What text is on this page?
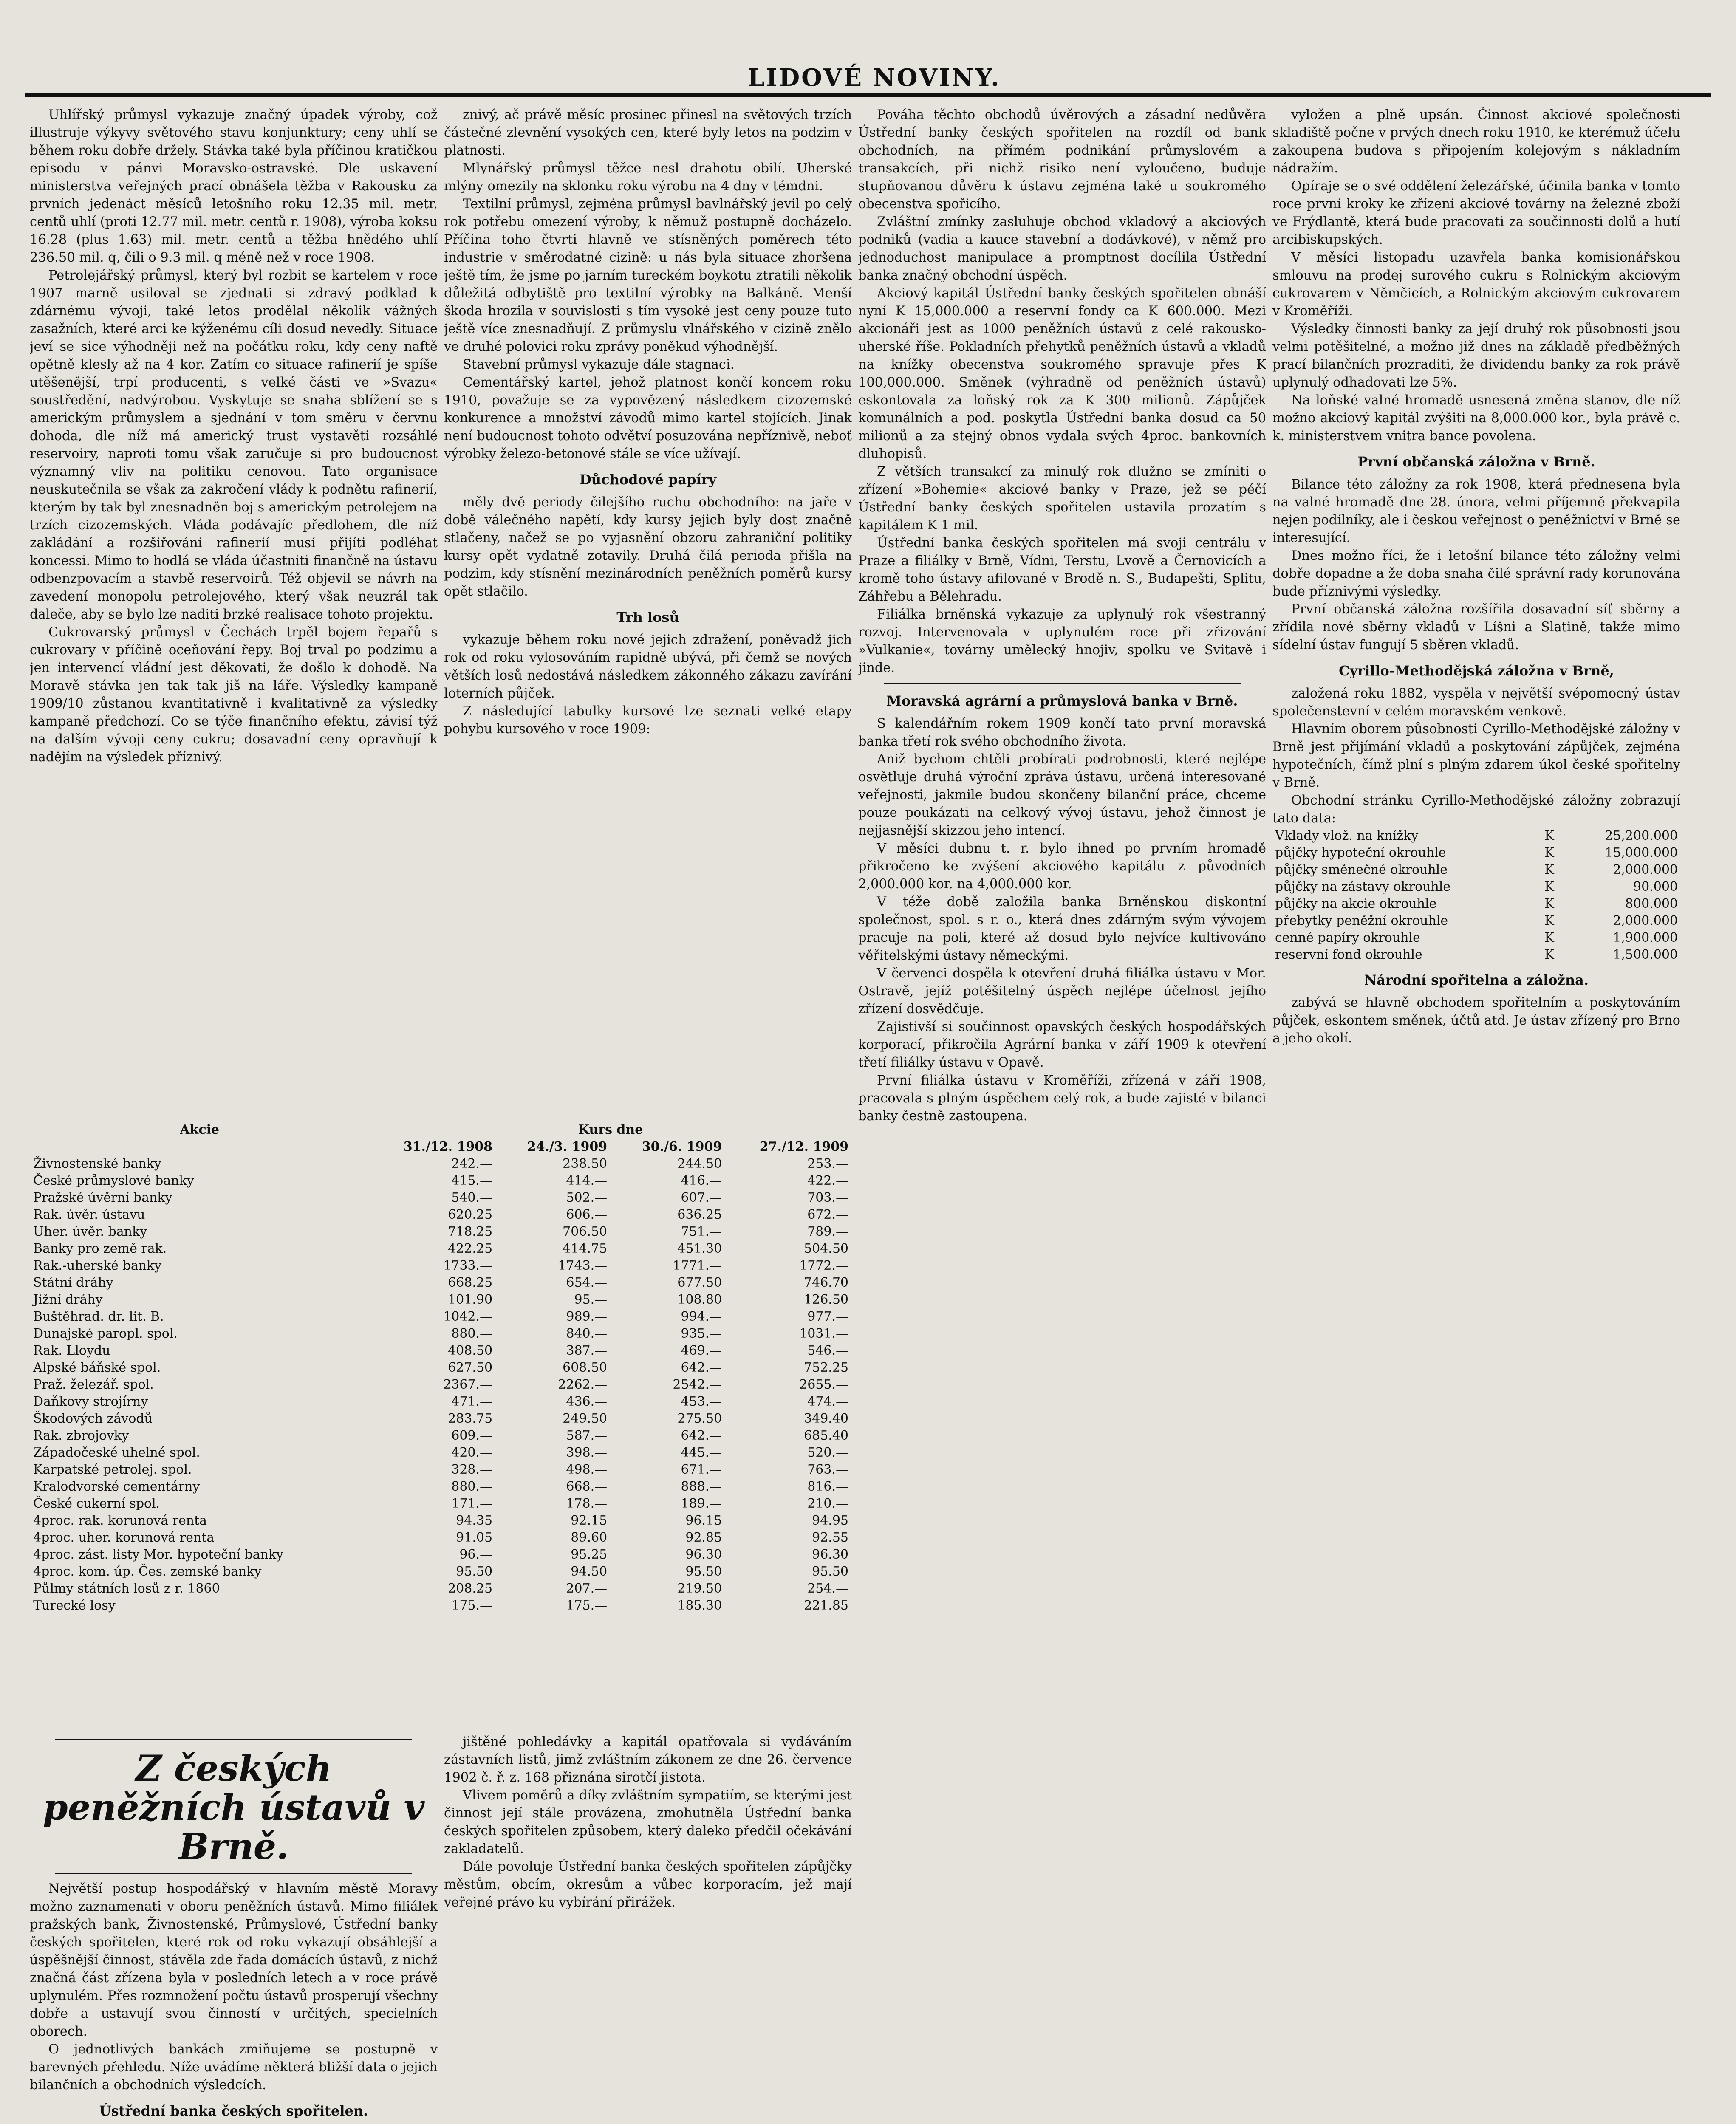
LIDOVÉ NOVINY.

Uhlířský průmysl vykazuje značný úpadek výroby, což illustruje výkyvy světového stavu konjunktury; ceny uhlí se během roku dobře držely. Stávka také byla příčinou kratičkou episodu v pánvi Moravsko-ostravské. Dle uskavení ministerstva veřejných prací obnášela těžba v Rakousku za prvních jedenáct měsíců letošního roku 12.35 mil. metr. centů uhlí (proti 12.77 mil. metr. centů r. 1908), výroba koksu 16.28 (plus 1.63) mil. metr. centů a těžba hnědého uhlí 236.50 mil. q, čili o 9.3 mil. q méně než v roce 1908.

Petrolejářský průmysl, který byl rozbit se kartelem v roce 1907 marně usiloval se zjednati si zdravý podklad k zdárnému vývoji, také letos prodělal několik vážných zasažních, které arci ke kýženému cíli dosud nevedly. Situace jeví se sice výhodněji než na počátku roku, kdy ceny naftě opětně klesly až na 4 kor. Zatím co situace rafinerií je spíše utěšenější, trpí producenti, s velké části ve »Svazu« soustředění, nadvýrobou. Vyskytuje se snaha sblížení se s americkým průmyslem a sjednání v tom směru v červnu dohoda, dle níž má americký trust vystavěti rozsáhlé reservoiry, naproti tomu však zaručuje si pro budoucnost významný vliv na politiku cenovou. Tato organisace neuskutečnila se však za zakročení vlády k podnětu rafinerií, kterým by tak byl znesnadněn boj s americkým petrolejem na trzích cizozemských. Vláda podávajíc předlohem, dle níž zakládání a rozšiřování rafinerií musí přijíti podléhat koncessi. Mimo to hodlá se vláda účastniti finančně na ústavu odbenzpovacím a stavbě reservoirů. Též objevil se návrh na zavedení monopolu petrolejového, který však neuzrál tak daleče, aby se bylo lze naditi brzké realisace tohoto projektu.

Cukrovarský průmysl v Čechách trpěl bojem řepařů s cukrovary v příčině oceňování řepy. Boj trval po podzimu a jen intervencí vládní jest děkovati, že došlo k dohodě. Na Moravě stávka jen tak tak jiš na láře. Výsledky kampaně 1909/10 zůstanou kvantitativně i kvalitativně za výsledky kampaně předchozí. Co se týče finančního efektu, závisí týž na dalším vývoji ceny cukru; dosavadní ceny opravňují k nadějím na výsledek příznivý.

znivý, ač právě měsíc prosinec přinesl na světových trzích částečné zlevnění vysokých cen, které byly letos na podzim v platnosti.

Mlynářský průmysl těžce nesl drahotu obilí. Uherské mlýny omezily na sklonku roku výrobu na 4 dny v témdni.

Textilní průmysl, zejména průmysl bavlnářský jevil po celý rok potřebu omezení výroby, k němuž postupně docházelo. Příčina toho čtvrti hlavně ve stísněných poměrech této industrie v směrodatné cizině: u nás byla situace zhoršena ještě tím, že jsme po jarním tureckém boykotu ztratili několik důležitá odbytiště pro textilní výrobky na Balkáně. Menší škoda hrozila v souvislosti s tím vysoké jest ceny pouze tuto ještě více znesnadňují. Z průmyslu vlnářského v cizině znělo ve druhé polovici roku zprávy poněkud výhodnější.

Stavební průmysl vykazuje dále stagnaci.

Cementářský kartel, jehož platnost končí koncem roku 1910, považuje se za vypovězený následkem cizozemské konkurence a množství závodů mimo kartel stojících. Jinak není budoucnost tohoto odvětví posuzována nepříznivě, neboť výrobky železo-betonové stále se více užívají.

Důchodové papíry

měly dvě periody čilejšího ruchu obchodního: na jaře v době válečného napětí, kdy kursy jejich byly dost značně stlačeny, načež se po vyjasnění obzoru zahraniční politiky kursy opět vydatně zotavily. Druhá čilá perioda přišla na podzim, kdy stísnění mezinárodních peněžních poměrů kursy opět stlačilo.

Trh losů

vykazuje během roku nové jejich zdražení, poněvadž jich rok od roku vylosováním rapidně ubývá, při čemž se nových větších losů nedostává následkem zákonného zákazu zavírání loterních půjček.

Z následující tabulky kursové lze seznati velké etapy pohybu kursového v roce 1909:

Akcie	Kurs dne			
	31./12. 1908	24./3. 1909	30./6. 1909	27./12. 1909
Živnostenské banky	242.—	238.50	244.50	253.—
České průmyslové banky	415.—	414.—	416.—	422.—
Pražské úvěrní banky	540.—	502.—	607.—	703.—
Rak. úvěr. ústavu	620.25	606.—	636.25	672.—
Uher. úvěr. banky	718.25	706.50	751.—	789.—
Banky pro země rak.	422.25	414.75	451.30	504.50
Rak.-uherské banky	1733.—	1743.—	1771.—	1772.—
Státní dráhy	668.25	654.—	677.50	746.70
Jižní dráhy	101.90	95.—	108.80	126.50
Buštěhrad. dr. lit. B.	1042.—	989.—	994.—	977.—
Dunajské paropl. spol.	880.—	840.—	935.—	1031.—
Rak. Lloydu	408.50	387.—	469.—	546.—
Alpské báňské spol.	627.50	608.50	642.—	752.25
Praž. železář. spol.	2367.—	2262.—	2542.—	2655.—
Daňkovy strojírny	471.—	436.—	453.—	474.—
Škodových závodů	283.75	249.50	275.50	349.40
Rak. zbrojovky	609.—	587.—	642.—	685.40
Západočeské uhelné spol.	420.—	398.—	445.—	520.—
Karpatské petrolej. spol.	328.—	498.—	671.—	763.—
Kralodvorské cementárny	880.—	668.—	888.—	816.—
České cukerní spol.	171.—	178.—	189.—	210.—
4proc. rak. korunová renta	94.35	92.15	96.15	94.95
4proc. uher. korunová renta	91.05	89.60	92.85	92.55
4proc. zást. listy Mor. hypoteční banky	96.—	95.25	96.30	96.30
4proc. kom. úp. Čes. zemské banky	95.50	94.50	95.50	95.50
Půlmy státních losů z r. 1860	208.25	207.—	219.50	254.—
Turecké losy	175.—	175.—	185.30	221.85
Z českých peněžních ústavů v Brně.

Největší postup hospodářský v hlavním městě Moravy možno zaznamenati v oboru peněžních ústavů. Mimo filiálek pražských bank, Živnostenské, Průmyslové, Ústřední banky českých spořitelen, které rok od roku vykazují obsáhlejší a úspěšnější činnost, stávěla zde řada domácích ústavů, z nichž značná část zřízena byla v posledních letech a v roce právě uplynulém. Přes rozmnožení počtu ústavů prosperují všechny dobře a ustavují svou činností v určitých, specielních oborech.

O jednotlivých bankách zmiňujeme se postupně v barevných přehledu. Níže uvádíme některá bližší data o jejich bilančních a obchodních výsledcích.

Ústřední banka českých spořitelen.

jištěné pohledávky a kapitál opatřovala si vydáváním zástavních listů, jimž zvláštním zákonem ze dne 26. července 1902 č. ř. z. 168 přiznána sirotčí jistota.

Vlivem poměrů a díky zvláštním sympatiím, se kterými jest činnost její stále provázena, zmohutněla Ústřední banka českých spořitelen způsobem, který daleko předčil očekávání zakladatelů.

Dále povoluje Ústřední banka českých spořitelen zápůjčky městům, obcím, okresům a vůbec korporacím, jež mají veřejné právo ku vybírání přirážek.

Pováha těchto obchodů úvěrových a zásadní nedůvěra Ústřední banky českých spořitelen na rozdíl od bank obchodních, na přímém podnikání průmyslovém a transakcích, při nichž risiko není vyloučeno, buduje stupňovanou důvěru k ústavu zejména také u soukromého obecenstva spořicího.

Zvláštní zmínky zasluhuje obchod vkladový a akciových podniků (vadia a kauce stavební a dodávkové), v němž pro jednoduchost manipulace a promptnost docílila Ústřední banka značný obchodní úspěch.

Akciový kapitál Ústřední banky českých spořitelen obnáší nyní K 15,000.000 a reservní fondy ca K 600.000. Mezi akcionáři jest as 1000 peněžních ústavů z celé rakousko-uherské říše. Pokladních přehytků peněžních ústavů a vkladů na knížky obecenstva soukromého spravuje přes K 100,000.000. Směnek (výhradně od peněžních ústavů) eskontovala za loňský rok za K 300 milionů. Zápůjček komunálních a pod. poskytla Ústřední banka dosud ca 50 milionů a za stejný obnos vydala svých 4proc. bankovních dluhopisů.

Z větších transakcí za minulý rok dlužno se zmíniti o zřízení »Bohemie« akciové banky v Praze, jež se péčí Ústřední banky českých spořitelen ustavila prozatím s kapitálem K 1 mil.

Ústřední banka českých spořitelen má svoji centrálu v Praze a filiálky v Brně, Vídni, Terstu, Lvově a Černovicích a kromě toho ústavy afilované v Brodě n. S., Budapešti, Splitu, Záhřebu a Bělehradu.

Filiálka brněnská vykazuje za uplynulý rok všestranný rozvoj. Intervenovala v uplynulém roce při zřizování »Vulkanie«, továrny umělecký hnojiv, spolku ve Svitavě i jinde.

Moravská agrární a průmyslová banka v Brně.

S kalendářním rokem 1909 končí tato první moravská banka třetí rok svého obchodního života.

Aniž bychom chtěli probírati podrobnosti, které nejlépe osvětluje druhá výroční zpráva ústavu, určená interesované veřejnosti, jakmile budou skončeny bilanční práce, chceme pouze poukázati na celkový vývoj ústavu, jehož činnost je nejjasnější skizzou jeho intencí.

V měsíci dubnu t. r. bylo ihned po prvním hromadě přikročeno ke zvýšení akciového kapitálu z původních 2,000.000 kor. na 4,000.000 kor.

V téže době založila banka Brněnskou diskontní společnost, spol. s r. o., která dnes zdárným svým vývojem pracuje na poli, které až dosud bylo nejvíce kultivováno věřitelskými ústavy německými.

V červenci dospěla k otevření druhá filiálka ústavu v Mor. Ostravě, jejíž potěšitelný úspěch nejlépe účelnost jejího zřízení dosvědčuje.

Zajistivší si součinnost opavských českých hospodářských korporací, přikročila Agrární banka v září 1909 k otevření třetí filiálky ústavu v Opavě.

První filiálka ústavu v Kroměříži, zřízená v září 1908, pracovala s plným úspěchem celý rok, a bude zajisté v bilanci banky čestně zastoupena.

vyložen a plně upsán. Činnost akciové společnosti skladiště počne v prvých dnech roku 1910, ke kterémuž účelu zakoupena budova s připojením kolejovým s nákladním nádražím.

Opíraje se o své oddělení železářské, účinila banka v tomto roce první kroky ke zřízení akciové továrny na železné zboží ve Frýdlantě, která bude pracovati za součinnosti dolů a hutí arcibiskupských.

V měsíci listopadu uzavřela banka komisionářskou smlouvu na prodej surového cukru s Rolnickým akciovým cukrovarem v Němčicích, a Rolnickým akciovým cukrovarem v Kroměříži.

Výsledky činnosti banky za její druhý rok působnosti jsou velmi potěšitelné, a možno již dnes na základě předběžných prací bilančních prozraditi, že dividendu banky za rok právě uplynulý odhadovati lze 5%.

Na loňské valné hromadě usnesená změna stanov, dle níž možno akciový kapitál zvýšiti na 8,000.000 kor., byla právě c. k. ministerstvem vnitra bance povolena.

První občanská záložna v Brně.

Bilance této záložny za rok 1908, která přednesena byla na valné hromadě dne 28. února, velmi příjemně překvapila nejen podílníky, ale i českou veřejnost o peněžnictví v Brně se interesující.

Dnes možno říci, že i letošní bilance této záložny velmi dobře dopadne a že doba snaha čilé správní rady korunována bude příznivými výsledky.

První občanská záložna rozšířila dosavadní síť sběrny a zřídila nové sběrny vkladů v Líšni a Slatině, takže mimo sídelní ústav fungují 5 sběren vkladů.

Cyrillo-Methodějská záložna v Brně,

založená roku 1882, vyspěla v největší svépomocný ústav společenstevní v celém moravském venkově.

Hlavním oborem působnosti Cyrillo-Methodějské záložny v Brně jest přijímání vkladů a poskytování zápůjček, zejména hypotečních, čímž plní s plným zdarem úkol české spořitelny v Brně.

Obchodní stránku Cyrillo-Methodějské záložny zobrazují tato data:

Vklady vlož. na knížky	K	25,200.000
půjčky hypoteční okrouhle	K	15,000.000
půjčky směnečné okrouhle	K	2,000.000
půjčky na zástavy okrouhle	K	90.000
půjčky na akcie okrouhle	K	800.000
přebytky peněžní okrouhle	K	2,000.000
cenné papíry okrouhle	K	1,900.000
reservní fond okrouhle	K	1,500.000
Národní spořitelna a záložna.

zabývá se hlavně obchodem spořitelním a poskytováním půjček, eskontem směnek, účtů atd. Je ústav zřízený pro Brno a jeho okolí.
